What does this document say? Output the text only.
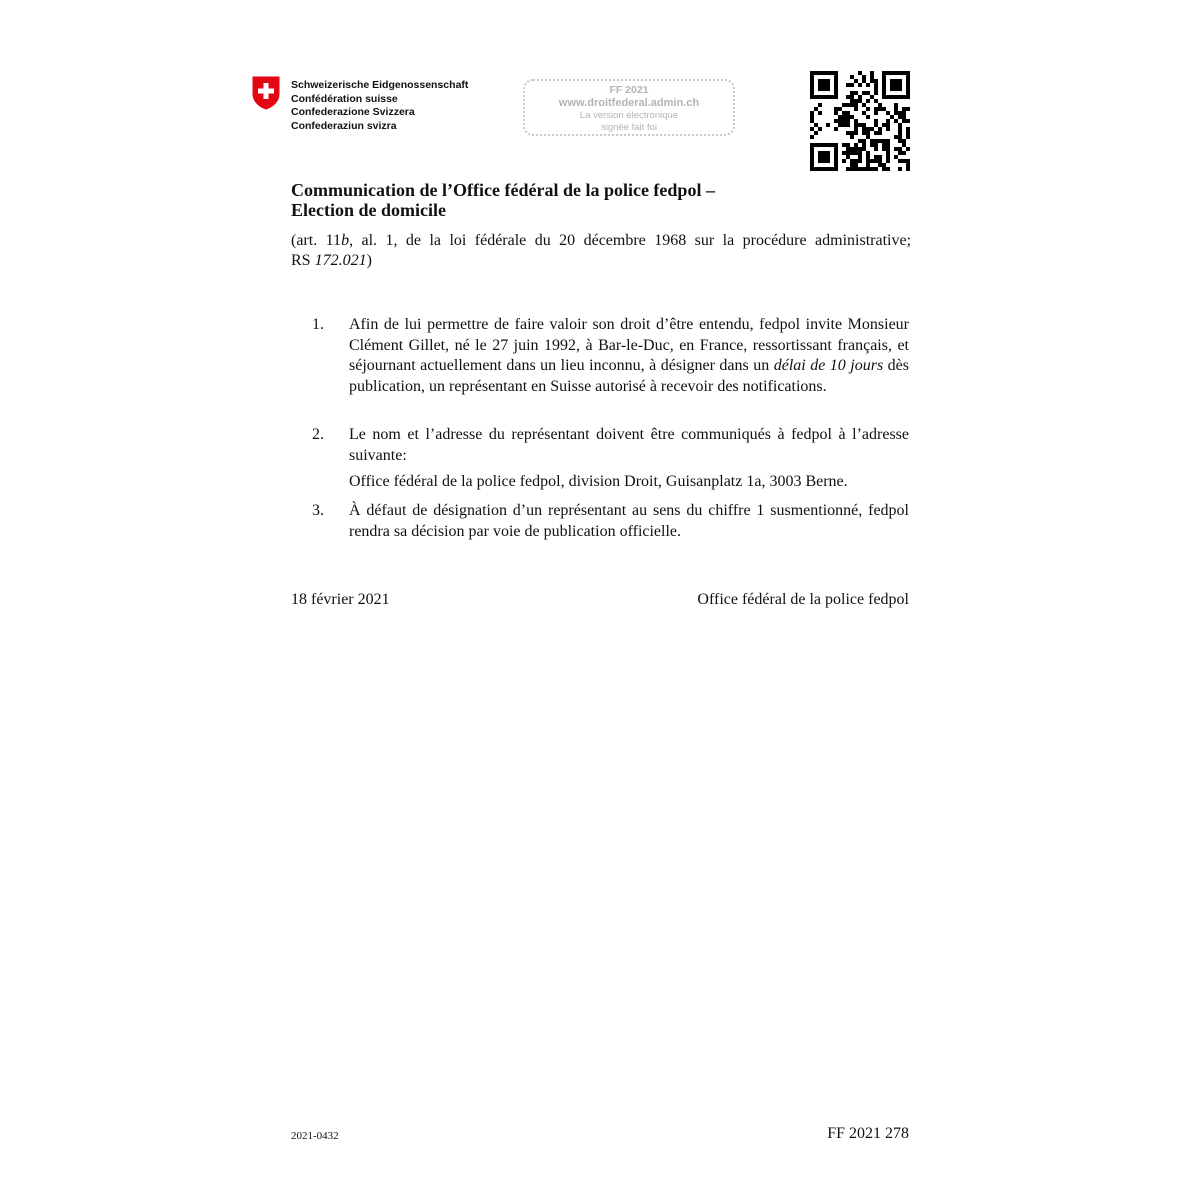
Schweizerische Eidgenossenschaft
Confédération suisse
Confederazione Svizzera
Confederaziun svizra
FF 2021
www.droitfederal.admin.ch
La version électronique
signée fait foi
Communication de l’Office fédéral de la police fedpol –
Election de domicile
(art. 11b, al. 1, de la loi fédérale du 20 décembre 1968 sur la procédure administrative;
RS 172.021)
1. Afin de lui permettre de faire valoir son droit d’être entendu, fedpol invite Monsieur Clément Gillet, né le 27 juin 1992, à Bar-le-Duc, en France, ressortissant français, et séjournant actuellement dans un lieu inconnu, à désigner dans un délai de 10 jours dès publication, un représentant en Suisse autorisé à recevoir des notifications.
2. Le nom et l’adresse du représentant doivent être communiqués à fedpol à l’adresse suivante:
Office fédéral de la police fedpol, division Droit, Guisanplatz 1a, 3003 Berne.
3. À défaut de désignation d’un représentant au sens du chiffre 1 susmentionné, fedpol rendra sa décision par voie de publication officielle.
18 février 2021	Office fédéral de la police fedpol
2021-0432	FF 2021 278
